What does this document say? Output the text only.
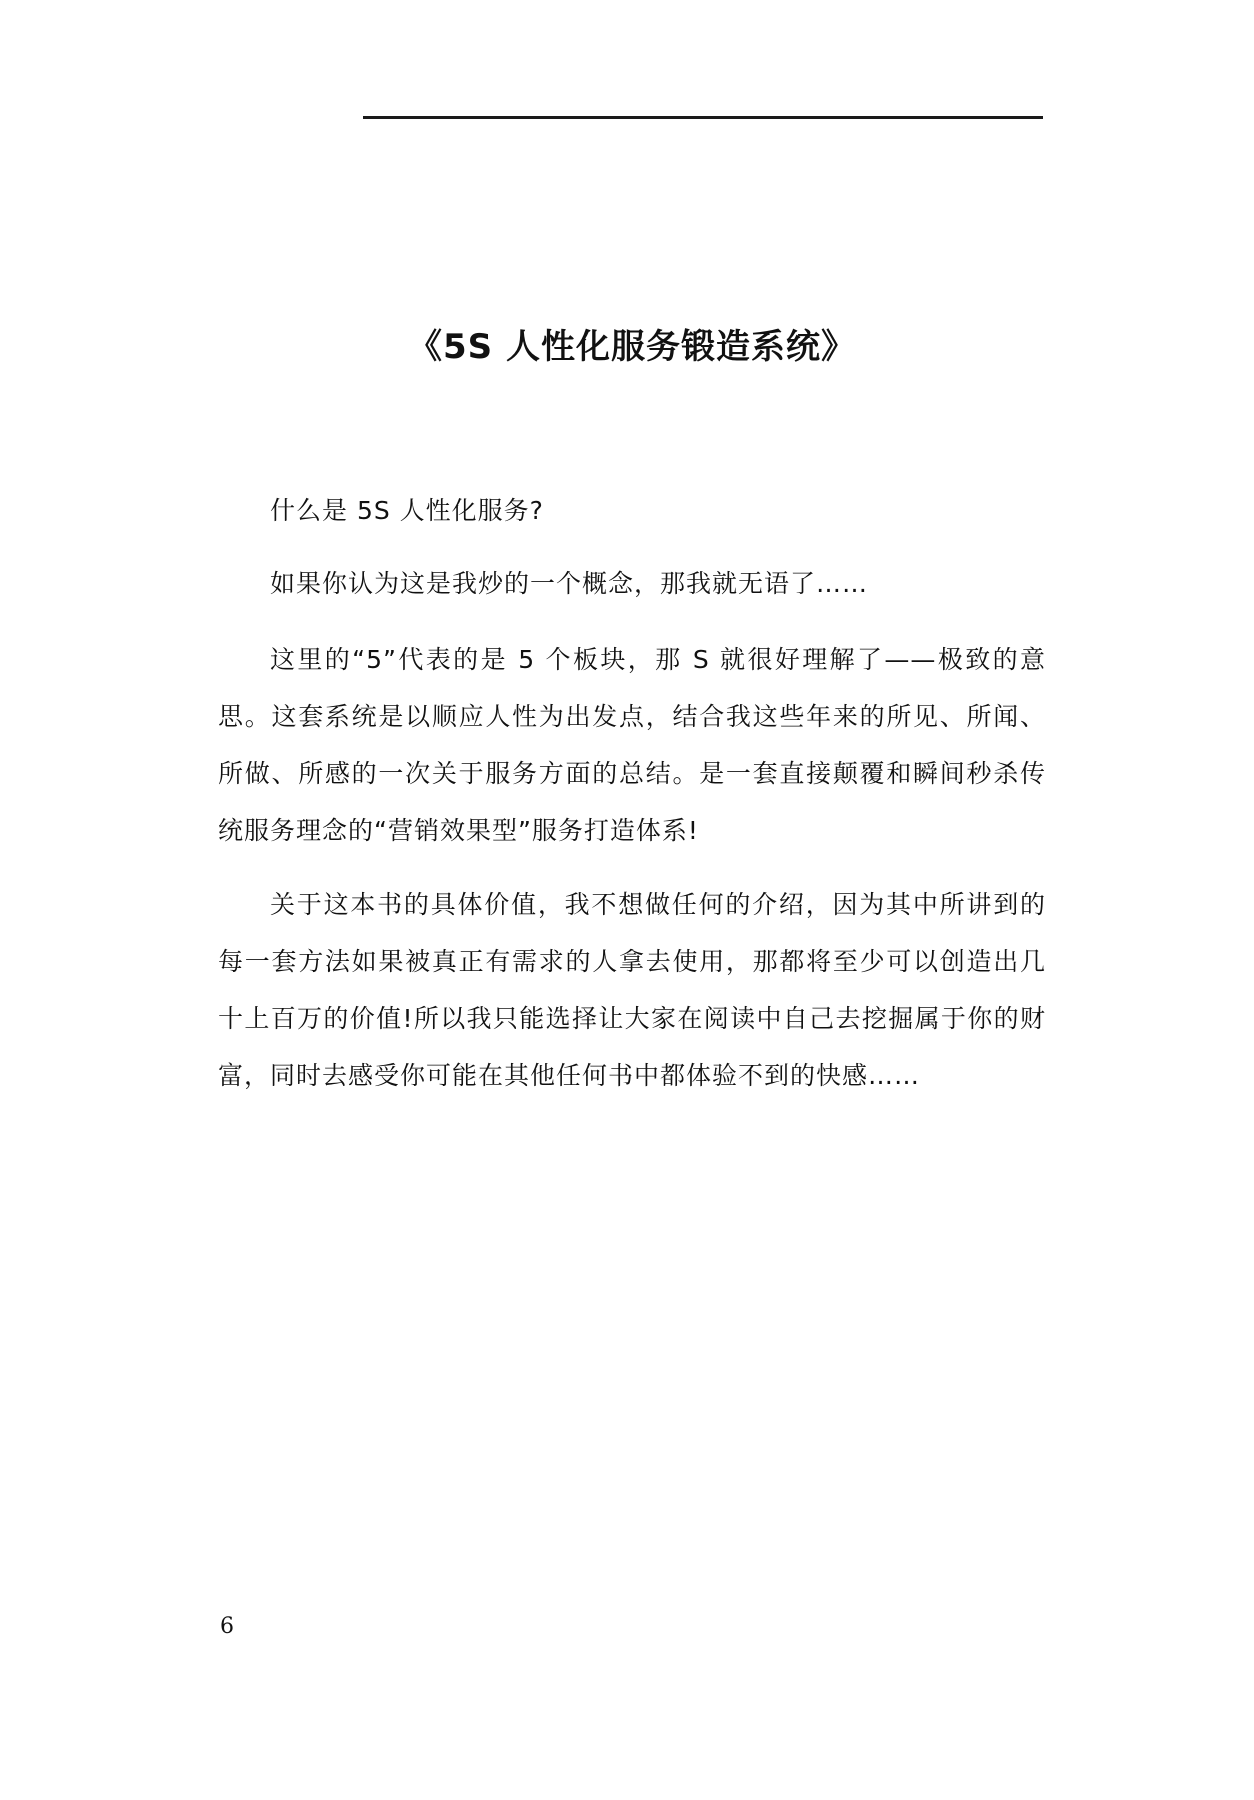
《5S 人性化服务锻造系统》

什么是 5S 人性化服务?

如果你认为这是我炒的一个概念，那我就无语了……

这里的“5”代表的是 5 个板块，那 S 就很好理解了——极致的意思。这套系统是以顺应人性为出发点，结合我这些年来的所见、所闻、所做、所感的一次关于服务方面的总结。是一套直接颠覆和瞬间秒杀传统服务理念的“营销效果型”服务打造体系!

关于这本书的具体价值，我不想做任何的介绍，因为其中所讲到的每一套方法如果被真正有需求的人拿去使用，那都将至少可以创造出几十上百万的价值!所以我只能选择让大家在阅读中自己去挖掘属于你的财富，同时去感受你可能在其他任何书中都体验不到的快感……

6
